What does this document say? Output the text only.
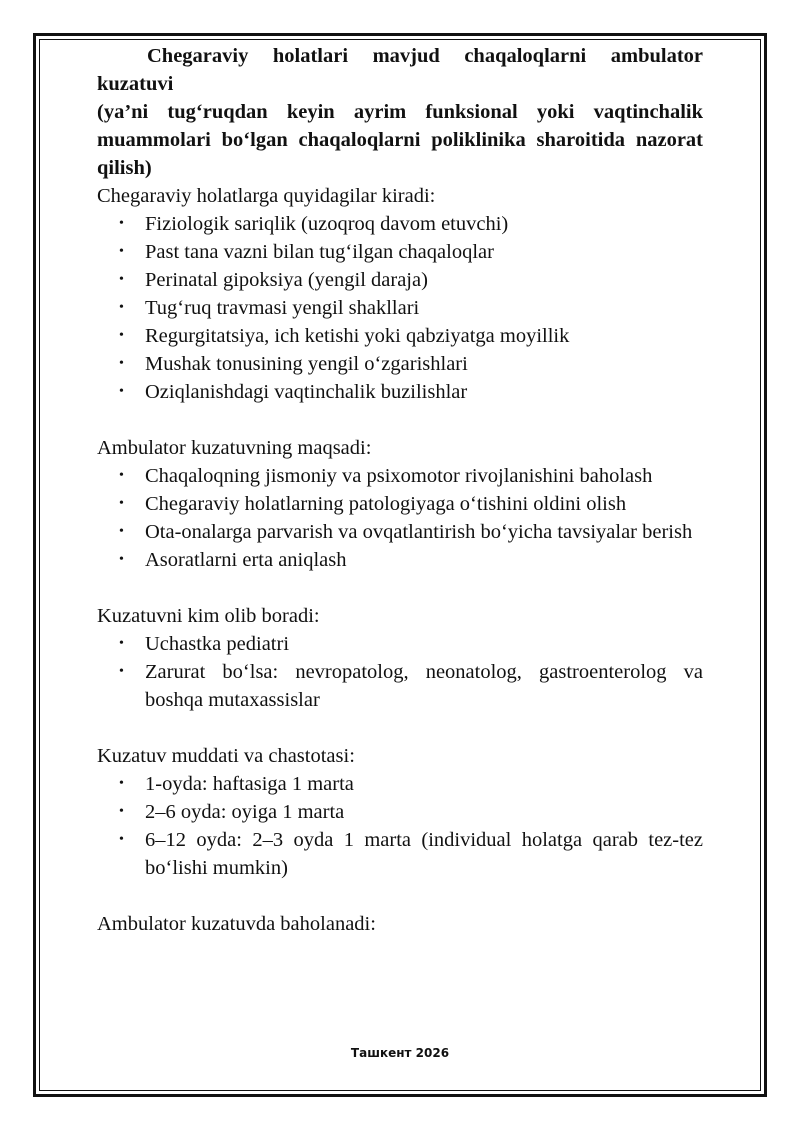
Chegaraviy holatlari mavjud chaqaloqlarni ambulator kuzatuvi

(ya’ni tug‘ruqdan keyin ayrim funksional yoki vaqtinchalik muammolari bo‘lgan chaqaloqlarni poliklinika sharoitida nazorat qilish)

Chegaraviy holatlarga quyidagilar kiradi:

• Fiziologik sariqlik (uzoqroq davom etuvchi)
• Past tana vazni bilan tug‘ilgan chaqaloqlar
• Perinatal gipoksiya (yengil daraja)
• Tug‘ruq travmasi yengil shakllari
• Regurgitatsiya, ich ketishi yoki qabziyatga moyillik
• Mushak tonusining yengil o‘zgarishlari
• Oziqlanishdagi vaqtinchalik buzilishlar

Ambulator kuzatuvning maqsadi:

• Chaqaloqning jismoniy va psixomotor rivojlanishini baholash
• Chegaraviy holatlarning patologiyaga o‘tishini oldini olish
• Ota-onalarga parvarish va ovqatlantirish bo‘yicha tavsiyalar berish
• Asoratlarni erta aniqlash

Kuzatuvni kim olib boradi:

• Uchastka pediatri
• Zarurat bo‘lsa: nevropatolog, neonatolog, gastroenterolog va boshqa mutaxassislar

Kuzatuv muddati va chastotasi:

• 1-oyda: haftasiga 1 marta
• 2–6 oyda: oyiga 1 marta
• 6–12 oyda: 2–3 oyda 1 marta (individual holatga qarab tez-tez bo‘lishi mumkin)

Ambulator kuzatuvda baholanadi:

Ташкент 2026
